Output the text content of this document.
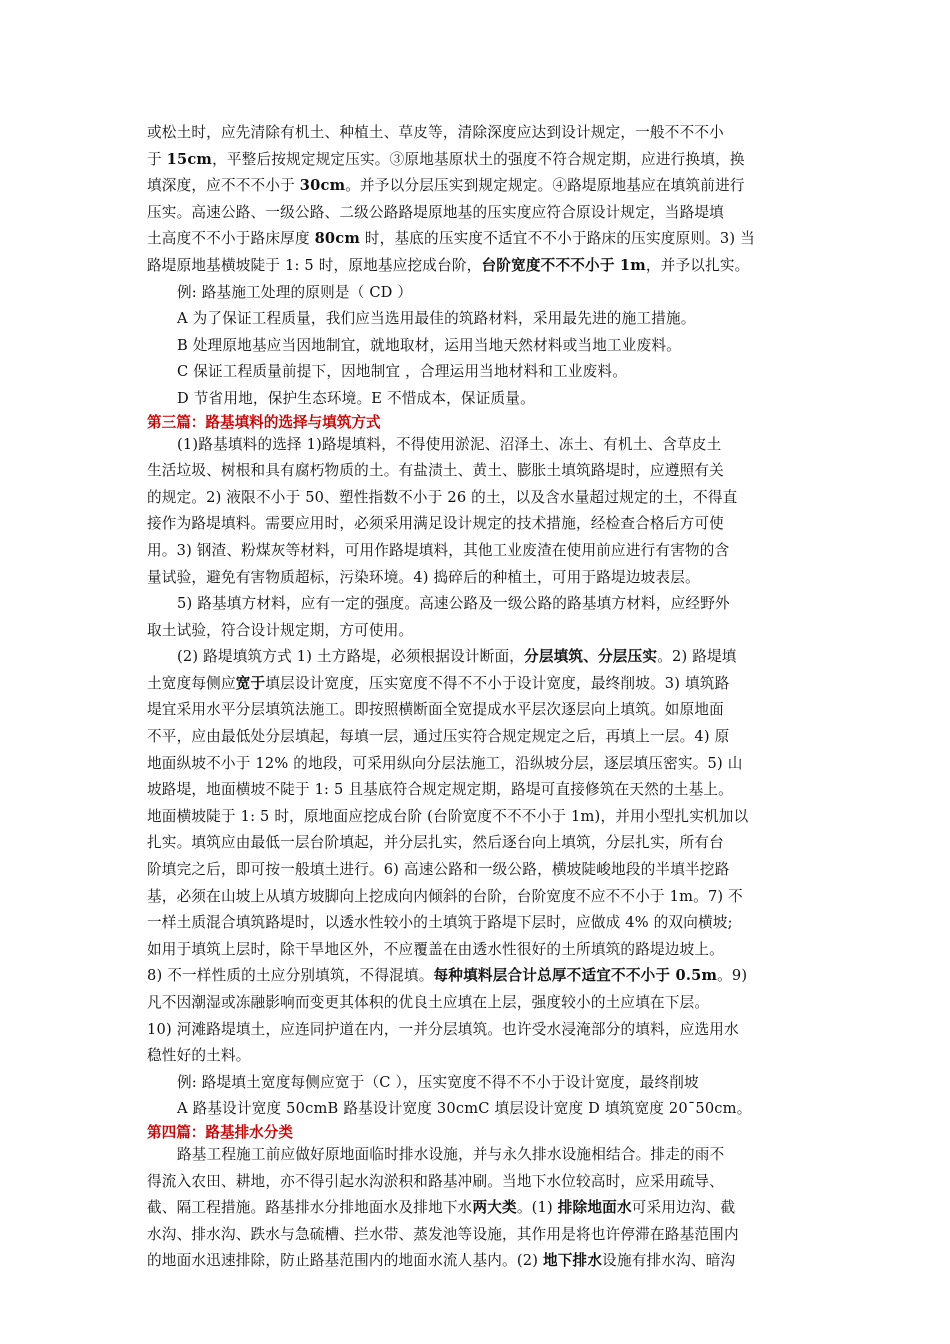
或松土时，应先清除有机土、种植土、草皮等，清除深度应达到设计规定，一般不不不小
于 15cm，平整后按规定规定压实。③原地基原状土的强度不符合规定期，应进行换填，换
填深度，应不不不小于 30cm。并予以分层压实到规定规定。④路堤原地基应在填筑前进行
压实。高速公路、一级公路、二级公路路堤原地基的压实度应符合原设计规定，当路堤填
土高度不不小于路床厚度 80cm 时，基底的压实度不适宜不不小于路床的压实度原则。3) 当
路堤原地基横坡陡于 1: 5 时，原地基应挖成台阶，台阶宽度不不不小于 1m，并予以扎实。
例: 路基施工处理的原则是（ CD ）
A 为了保证工程质量，我们应当选用最佳的筑路材料，采用最先进的施工措施。
B 处理原地基应当因地制宜，就地取材，运用当地天然材料或当地工业废料。
C 保证工程质量前提下，因地制宜 ，合理运用当地材料和工业废料。
D 节省用地，保护生态环境。E 不惜成本，保证质量。
第三篇：路基填料的选择与填筑方式
(1)路基填料的选择 1)路堤填料，不得使用淤泥、沼泽土、冻土、有机土、含草皮土
生活垃圾、树根和具有腐朽物质的土。有盐渍土、黄土、膨胀土填筑路堤时，应遵照有关
的规定。2) 液限不小于 50、塑性指数不小于 26 的土，以及含水量超过规定的土，不得直
接作为路堤填料。需要应用时，必须采用满足设计规定的技术措施，经检查合格后方可使
用。3) 钢渣、粉煤灰等材料，可用作路堤填料，其他工业废渣在使用前应进行有害物的含
量试验，避免有害物质超标，污染环境。4) 捣碎后的种植土，可用于路堤边坡表层。
5) 路基填方材料，应有一定的强度。高速公路及一级公路的路基填方材料，应经野外
取土试验，符合设计规定期，方可使用。
(2) 路堤填筑方式 1) 土方路堤，必须根据设计断面，分层填筑、分层压实。2) 路堤填
土宽度每侧应宽于填层设计宽度，压实宽度不得不不小于设计宽度，最终削坡。3) 填筑路
堤宜采用水平分层填筑法施工。即按照横断面全宽提成水平层次逐层向上填筑。如原地面
不平，应由最低处分层填起，每填一层，通过压实符合规定规定之后，再填上一层。4) 原
地面纵坡不小于 12% 的地段，可采用纵向分层法施工，沿纵坡分层，逐层填压密实。5) 山
坡路堤，地面横坡不陡于 1: 5 且基底符合规定规定期，路堤可直接修筑在天然的土基上。
地面横坡陡于 1: 5 时，原地面应挖成台阶 (台阶宽度不不不小于 1m)，并用小型扎实机加以
扎实。填筑应由最低一层台阶填起，并分层扎实，然后逐台向上填筑，分层扎实，所有台
阶填完之后，即可按一般填土进行。6) 高速公路和一级公路，横坡陡峻地段的半填半挖路
基，必须在山坡上从填方坡脚向上挖成向内倾斜的台阶，台阶宽度不应不不小于 1m。7) 不
一样土质混合填筑路堤时，以透水性较小的土填筑于路堤下层时，应做成 4% 的双向横坡;
如用于填筑上层时，除干旱地区外，不应覆盖在由透水性很好的土所填筑的路堤边坡上。
8) 不一样性质的土应分别填筑，不得混填。每种填料层合计总厚不适宜不不小于 0.5m。9)
凡不因潮湿或冻融影响而变更其体积的优良土应填在上层，强度较小的土应填在下层。
10) 河滩路堤填土，应连同护道在内，一并分层填筑。也许受水浸淹部分的填料，应选用水
稳性好的土料。
例: 路堤填土宽度每侧应宽于（C ），压实宽度不得不不小于设计宽度，最终削坡
A 路基设计宽度 50cmB 路基设计宽度 30cmC 填层设计宽度 D 填筑宽度 20¯50cm。
第四篇：路基排水分类
路基工程施工前应做好原地面临时排水设施，并与永久排水设施相结合。排走的雨不
得流入农田、耕地，亦不得引起水沟淤积和路基冲刷。当地下水位较高时，应采用疏导、
截、隔工程措施。路基排水分排地面水及排地下水两大类。(1) 排除地面水可采用边沟、截
水沟、排水沟、跌水与急硫槽、拦水带、蒸发池等设施，其作用是将也许停滞在路基范围内
的地面水迅速排除，防止路基范围内的地面水流人基内。(2) 地下排水设施有排水沟、暗沟
